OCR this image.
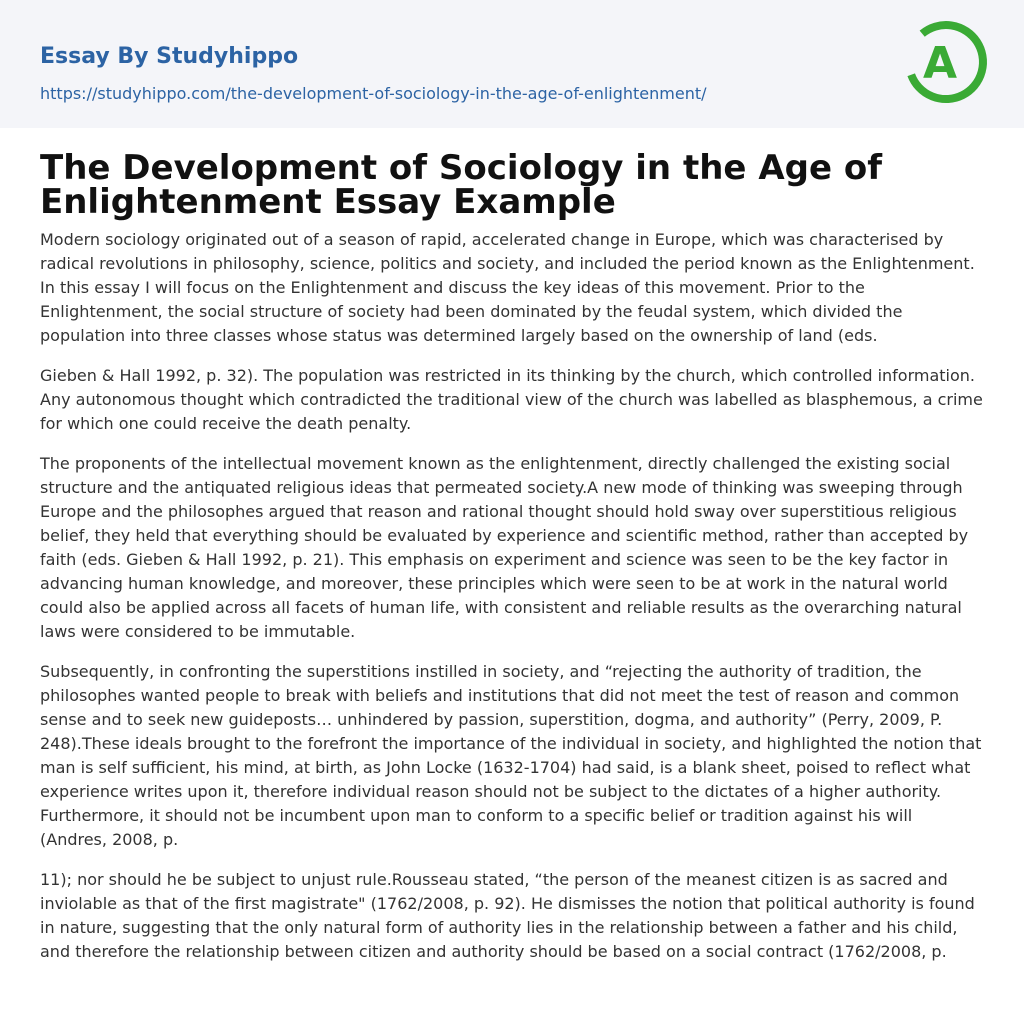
Essay By Studyhippo
https://studyhippo.com/the-development-of-sociology-in-the-age-of-enlightenment/
A
The Development of Sociology in the Age of Enlightenment Essay Example

Modern sociology originated out of a season of rapid, accelerated change in Europe, which was characterised by radical revolutions in philosophy, science, politics and society, and included the period known as the Enlightenment. In this essay I will focus on the Enlightenment and discuss the key ideas of this movement. Prior to the Enlightenment, the social structure of society had been dominated by the feudal system, which divided the population into three classes whose status was determined largely based on the ownership of land (eds.

Gieben & Hall 1992, p. 32). The population was restricted in its thinking by the church, which controlled information. Any autonomous thought which contradicted the traditional view of the church was labelled as blasphemous, a crime for which one could receive the death penalty.

The proponents of the intellectual movement known as the enlightenment, directly challenged the existing social structure and the antiquated religious ideas that permeated society.A new mode of thinking was sweeping through Europe and the philosophes argued that reason and rational thought should hold sway over superstitious religious belief, they held that everything should be evaluated by experience and scientific method, rather than accepted by faith (eds. Gieben & Hall 1992, p. 21). This emphasis on experiment and science was seen to be the key factor in advancing human knowledge, and moreover, these principles which were seen to be at work in the natural world could also be applied across all facets of human life, with consistent and reliable results as the overarching natural laws were considered to be immutable.

Subsequently, in confronting the superstitions instilled in society, and “rejecting the authority of tradition, the philosophes wanted people to break with beliefs and institutions that did not meet the test of reason and common sense and to seek new guideposts… unhindered by passion, superstition, dogma, and authority” (Perry, 2009, P. 248).These ideals brought to the forefront the importance of the individual in society, and highlighted the notion that man is self sufficient, his mind, at birth, as John Locke (1632-1704) had said, is a blank sheet, poised to reflect what experience writes upon it, therefore individual reason should not be subject to the dictates of a higher authority. Furthermore, it should not be incumbent upon man to conform to a specific belief or tradition against his will (Andres, 2008, p.

11); nor should he be subject to unjust rule.Rousseau stated, “the person of the meanest citizen is as sacred and inviolable as that of the first magistrate" (1762/2008, p. 92). He dismisses the notion that political authority is found in nature, suggesting that the only natural form of authority lies in the relationship between a father and his child, and therefore the relationship between citizen and authority should be based on a social contract (1762/2008, p.
